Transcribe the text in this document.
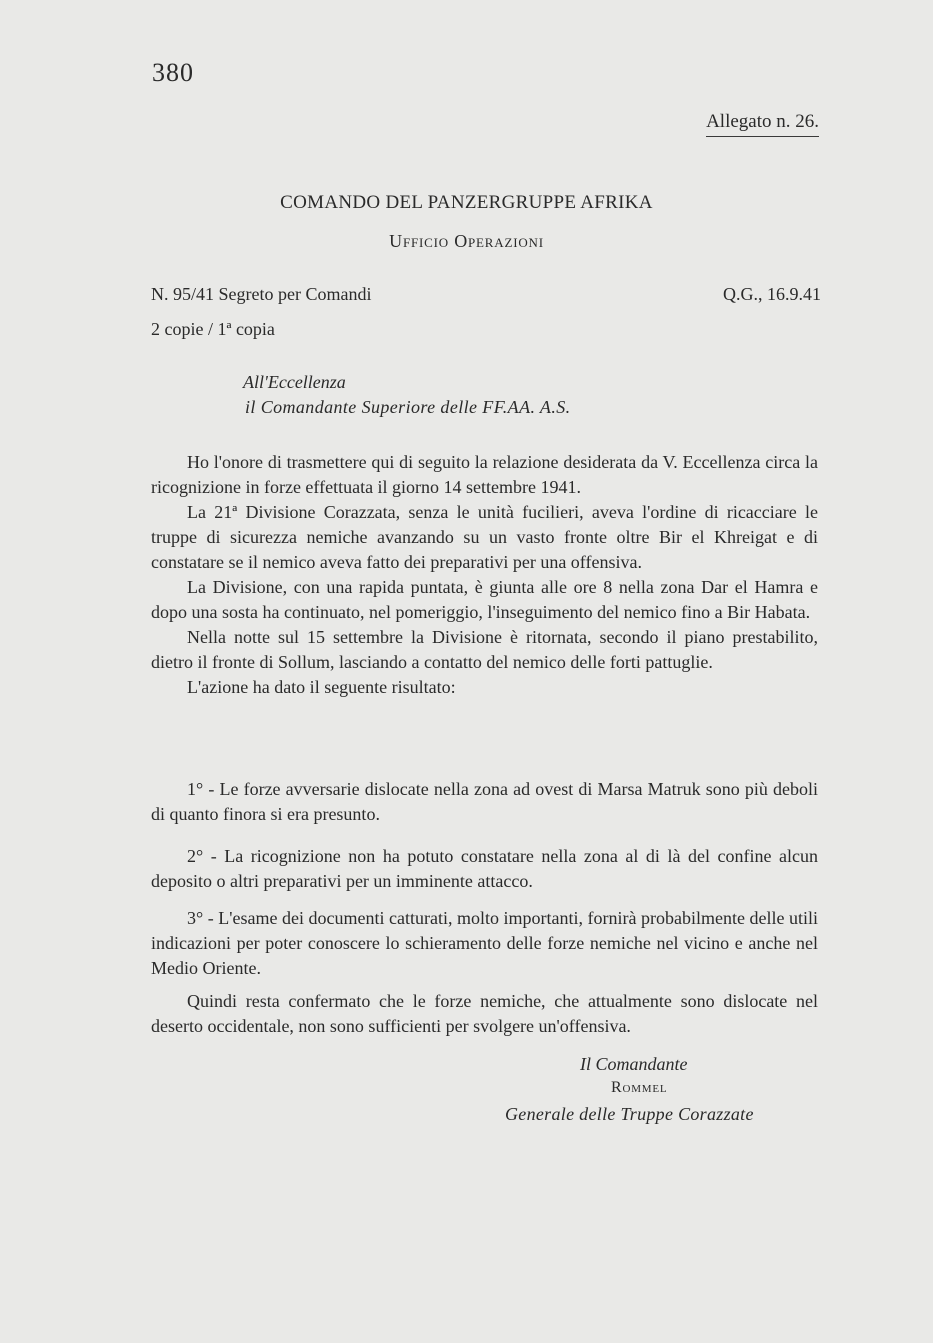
380
Allegato n. 26.
COMANDO DEL PANZERGRUPPE AFRIKA
Ufficio Operazioni
N. 95/41 Segreto per Comandi	Q.G., 16.9.41
2 copie / 1ª copia
All'Eccellenza
il Comandante Superiore delle FF.AA. A.S.

Ho l'onore di trasmettere qui di seguito la relazione desiderata da V. Eccellenza circa la ricognizione in forze effettuata il giorno 14 settembre 1941.

La 21ª Divisione Corazzata, senza le unità fucilieri, aveva l'ordine di ricacciare le truppe di sicurezza nemiche avanzando su un vasto fronte oltre Bir el Khreigat e di constatare se il nemico aveva fatto dei preparativi per una offensiva.

La Divisione, con una rapida puntata, è giunta alle ore 8 nella zona Dar el Hamra e dopo una sosta ha continuato, nel pomeriggio, l'inseguimento del nemico fino a Bir Habata.

Nella notte sul 15 settembre la Divisione è ritornata, secondo il piano prestabilito, dietro il fronte di Sollum, lasciando a contatto del nemico delle forti pattuglie.

L'azione ha dato il seguente risultato:

1° - Le forze avversarie dislocate nella zona ad ovest di Marsa Matruk sono più deboli di quanto finora si era presunto.

2° - La ricognizione non ha potuto constatare nella zona al di là del confine alcun deposito o altri preparativi per un imminente attacco.

3° - L'esame dei documenti catturati, molto importanti, fornirà probabilmente delle utili indicazioni per poter conoscere lo schieramento delle forze nemiche nel vicino e anche nel Medio Oriente.

Quindi resta confermato che le forze nemiche, che attualmente sono dislocate nel deserto occidentale, non sono sufficienti per svolgere un'offensiva.

Il Comandante
Rommel
Generale delle Truppe Corazzate
